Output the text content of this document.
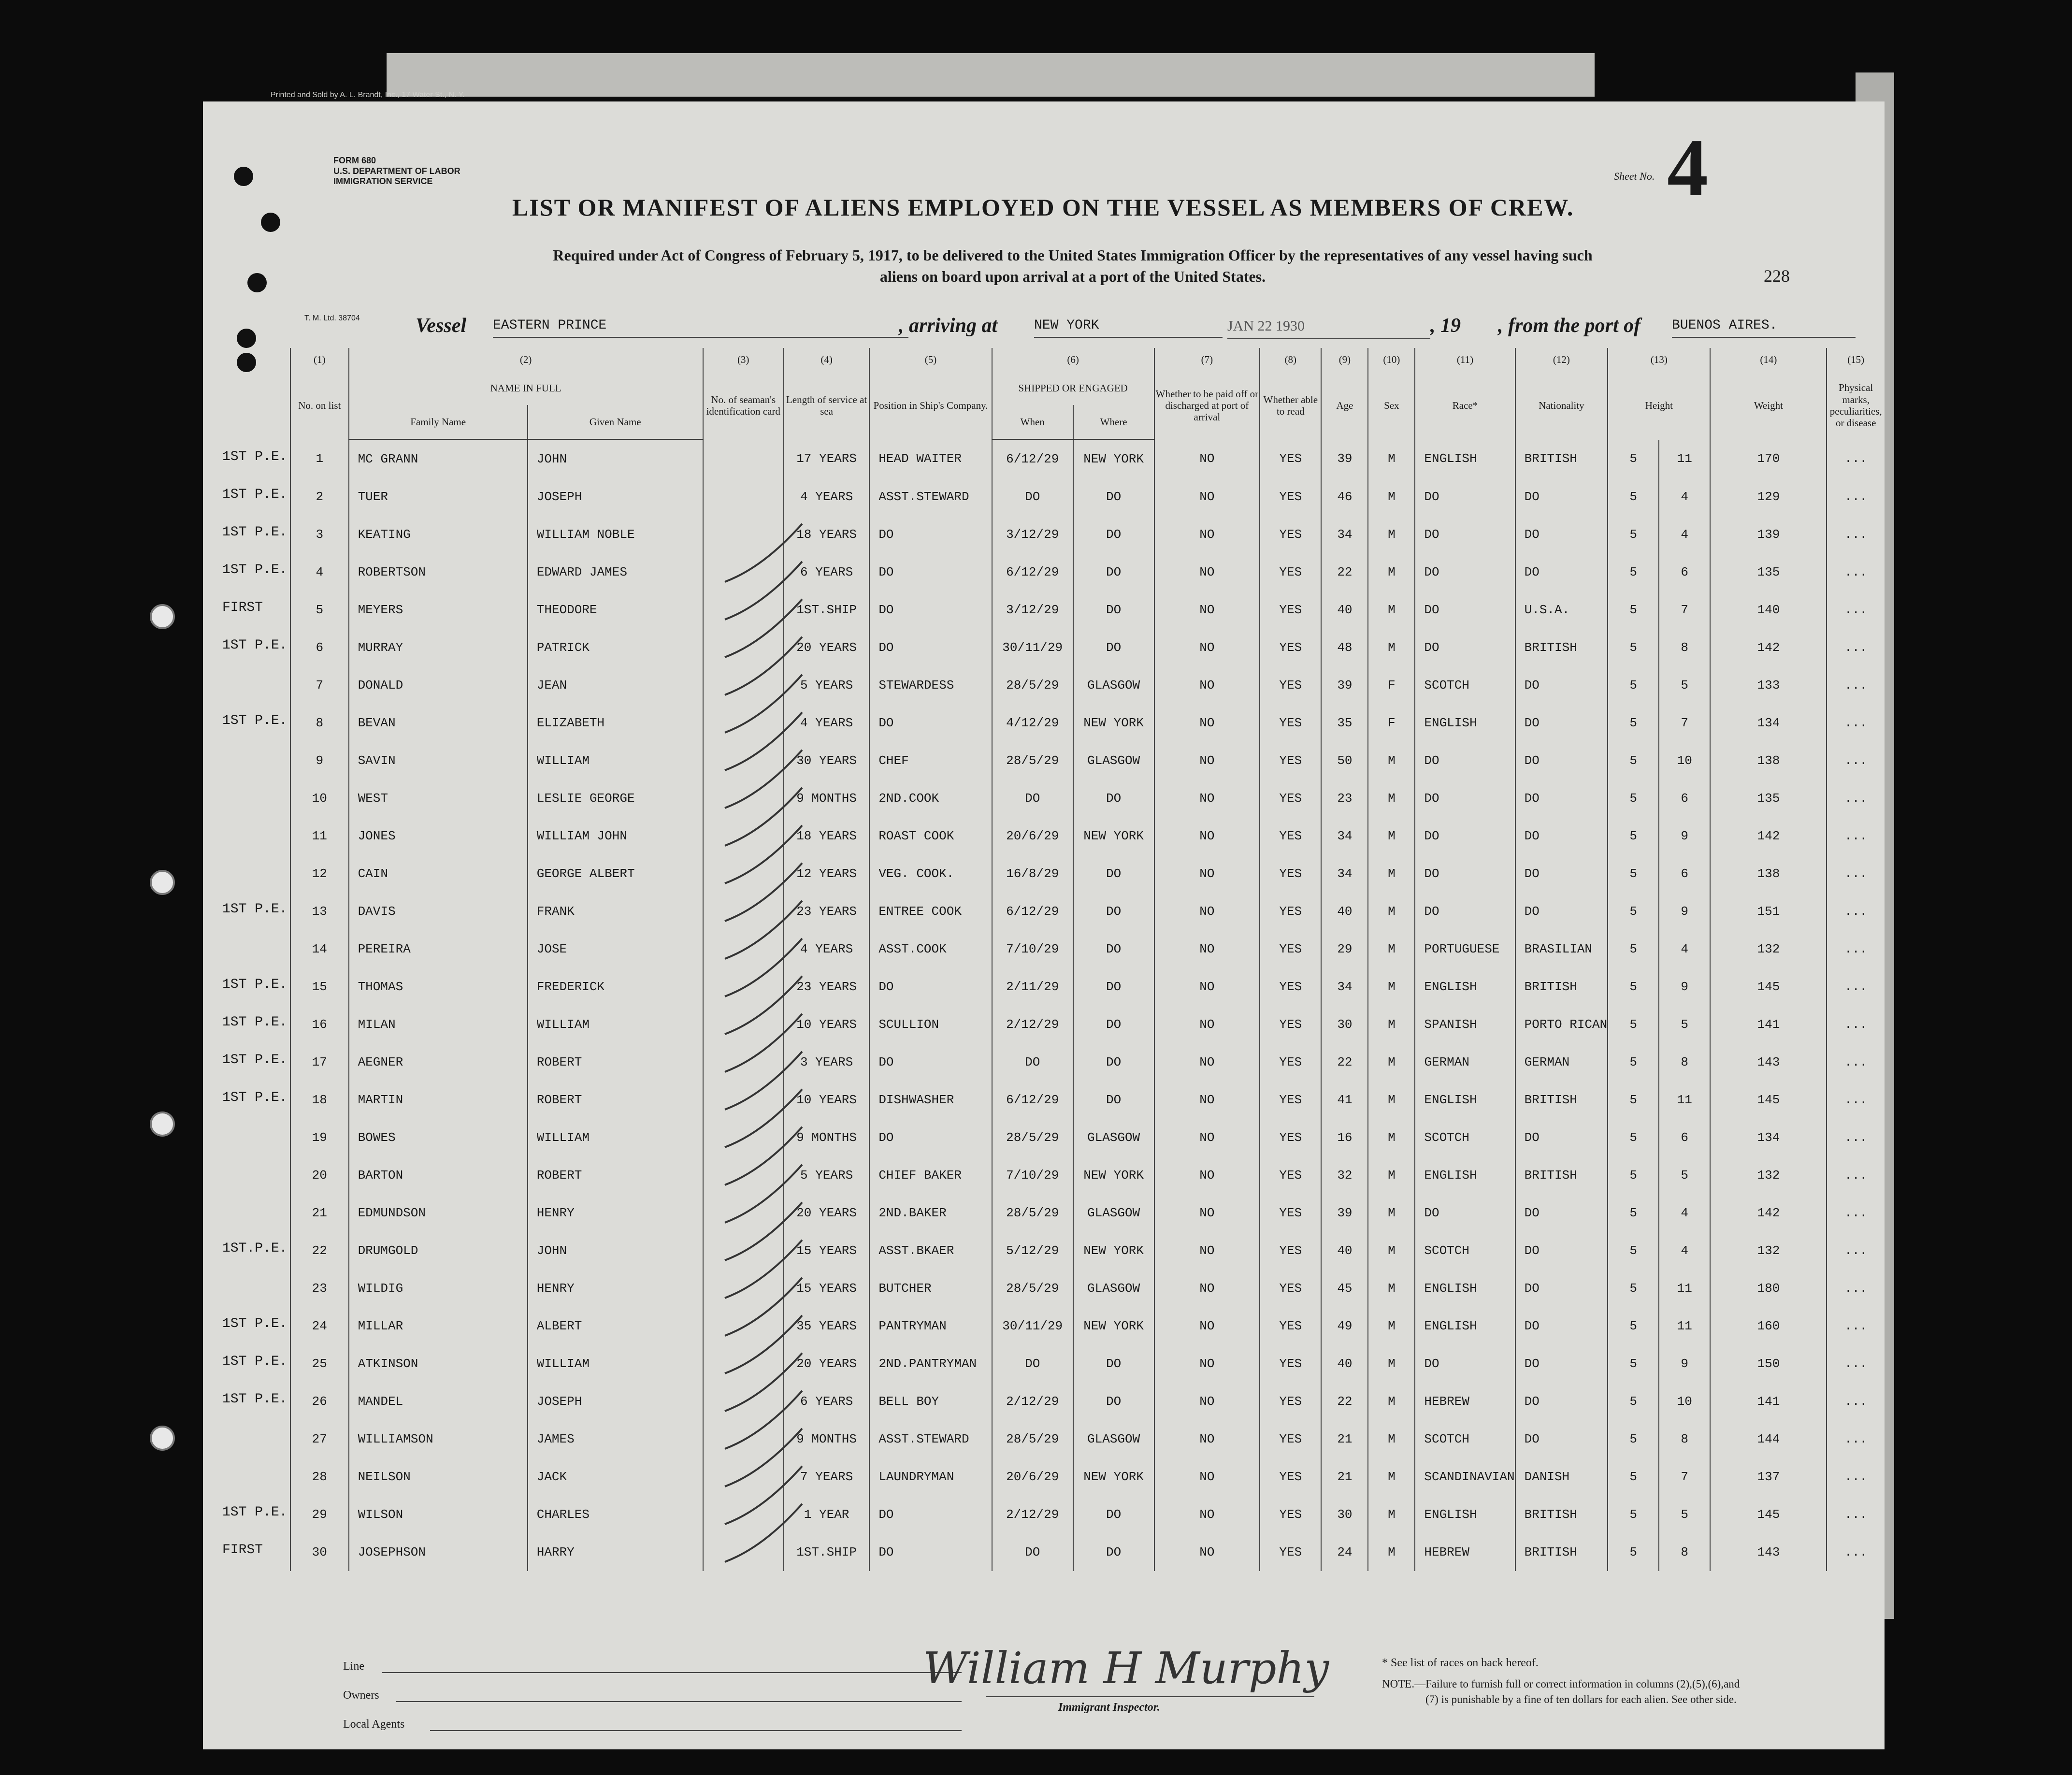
Printed and Sold by A. L. Brandt, Inc., 17 Water St., N. Y.
FORM 680
U.S. DEPARTMENT OF LABOR
IMMIGRATION SERVICE	Sheet No. 4
LIST OR MANIFEST OF ALIENS EMPLOYED ON THE VESSEL AS MEMBERS OF CREW.
Required under Act of Congress of February 5, 1917, to be delivered to the United States Immigration Officer by the representatives of any vessel having such
aliens on board upon arrival at a port of the United States.	228
T. M. Ltd. 38704	Vessel EASTERN PRINCE	, arriving at	NEW YORK	JAN 22 1930	, 19 , from the port of BUENOS AIRES.
(1)	(2)		(3)	(4)	(5)	(6)		(7)	(8)	(9)	(10)	(11)	(12)	(13)		(14)	(15)
No. on list	NAME IN FULL		No. of seaman's identification card	Length of service at sea	Position in Ship's Company.	SHIPPED OR ENGAGED		Whether to be paid off or discharged at port of arrival	Whether able to read	Age	Sex	Race*	Nationality	Height		Weight	Physical marks, peculiarities, or disease
	Family Name	Given Name				When	Where										
1	MC GRANN	JOHN		17 YEARS	HEAD WAITER	6/12/29	NEW YORK	NO	YES	39	M	ENGLISH	BRITISH	5	11	170	...
2	TUER	JOSEPH		4 YEARS	ASST.STEWARD	DO	DO	NO	YES	46	M	DO	DO	5	4	129	...
3	KEATING	WILLIAM NOBLE		18 YEARS	DO	3/12/29	DO	NO	YES	34	M	DO	DO	5	4	139	...
4	ROBERTSON	EDWARD JAMES		6 YEARS	DO	6/12/29	DO	NO	YES	22	M	DO	DO	5	6	135	...
5	MEYERS	THEODORE		1ST.SHIP	DO	3/12/29	DO	NO	YES	40	M	DO	U.S.A.	5	7	140	...
6	MURRAY	PATRICK		20 YEARS	DO	30/11/29	DO	NO	YES	48	M	DO	BRITISH	5	8	142	...
7	DONALD	JEAN		5 YEARS	STEWARDESS	28/5/29	GLASGOW	NO	YES	39	F	SCOTCH	DO	5	5	133	...
8	BEVAN	ELIZABETH		4 YEARS	DO	4/12/29	NEW YORK	NO	YES	35	F	ENGLISH	DO	5	7	134	...
9	SAVIN	WILLIAM		30 YEARS	CHEF	28/5/29	GLASGOW	NO	YES	50	M	DO	DO	5	10	138	...
10	WEST	LESLIE GEORGE		9 MONTHS	2ND.COOK	DO	DO	NO	YES	23	M	DO	DO	5	6	135	...
11	JONES	WILLIAM JOHN		18 YEARS	ROAST COOK	20/6/29	NEW YORK	NO	YES	34	M	DO	DO	5	9	142	...
12	CAIN	GEORGE ALBERT		12 YEARS	VEG. COOK.	16/8/29	DO	NO	YES	34	M	DO	DO	5	6	138	...
13	DAVIS	FRANK		23 YEARS	ENTREE COOK	6/12/29	DO	NO	YES	40	M	DO	DO	5	9	151	...
14	PEREIRA	JOSE		4 YEARS	ASST.COOK	7/10/29	DO	NO	YES	29	M	PORTUGUESE	BRASILIAN	5	4	132	...
15	THOMAS	FREDERICK		23 YEARS	DO	2/11/29	DO	NO	YES	34	M	ENGLISH	BRITISH	5	9	145	...
16	MILAN	WILLIAM		10 YEARS	SCULLION	2/12/29	DO	NO	YES	30	M	SPANISH	PORTO RICAN	5	5	141	...
17	AEGNER	ROBERT		3 YEARS	DO	DO	DO	NO	YES	22	M	GERMAN	GERMAN	5	8	143	...
18	MARTIN	ROBERT		10 YEARS	DISHWASHER	6/12/29	DO	NO	YES	41	M	ENGLISH	BRITISH	5	11	145	...
19	BOWES	WILLIAM		9 MONTHS	DO	28/5/29	GLASGOW	NO	YES	16	M	SCOTCH	DO	5	6	134	...
20	BARTON	ROBERT		5 YEARS	CHIEF BAKER	7/10/29	NEW YORK	NO	YES	32	M	ENGLISH	BRITISH	5	5	132	...
21	EDMUNDSON	HENRY		20 YEARS	2ND.BAKER	28/5/29	GLASGOW	NO	YES	39	M	DO	DO	5	4	142	...
22	DRUMGOLD	JOHN		15 YEARS	ASST.BKAER	5/12/29	NEW YORK	NO	YES	40	M	SCOTCH	DO	5	4	132	...
23	WILDIG	HENRY		15 YEARS	BUTCHER	28/5/29	GLASGOW	NO	YES	45	M	ENGLISH	DO	5	11	180	...
24	MILLAR	ALBERT		35 YEARS	PANTRYMAN	30/11/29	NEW YORK	NO	YES	49	M	ENGLISH	DO	5	11	160	...
25	ATKINSON	WILLIAM		20 YEARS	2ND.PANTRYMAN	DO	DO	NO	YES	40	M	DO	DO	5	9	150	...
26	MANDEL	JOSEPH		6 YEARS	BELL BOY	2/12/29	DO	NO	YES	22	M	HEBREW	DO	5	10	141	...
27	WILLIAMSON	JAMES		9 MONTHS	ASST.STEWARD	28/5/29	GLASGOW	NO	YES	21	M	SCOTCH	DO	5	8	144	...
28	NEILSON	JACK		7 YEARS	LAUNDRYMAN	20/6/29	NEW YORK	NO	YES	21	M	SCANDINAVIAN	DANISH	5	7	137	...
29	WILSON	CHARLES		1 YEAR	DO	2/12/29	DO	NO	YES	30	M	ENGLISH	BRITISH	5	5	145	...
30	JOSEPHSON	HARRY		1ST.SHIP	DO	DO	DO	NO	YES	24	M	HEBREW	BRITISH	5	8	143	...
1ST P.E.
1ST P.E.
1ST P.E.
1ST P.E.
FIRST
1ST P.E.
1ST P.E.
1ST P.E.
1ST P.E.
1ST P.E.
1ST P.E.
1ST P.E.
1ST.P.E.
1ST P.E.
1ST P.E.
1ST P.E.
1ST P.E.
FIRST
Line
Owners
Local Agents
William H Murphy
Immigrant Inspector.
* See list of races on back hereof.
NOTE.—Failure to furnish full or correct information in columns (2),(5),(6),and
(7) is punishable by a fine of ten dollars for each alien. See other side.
